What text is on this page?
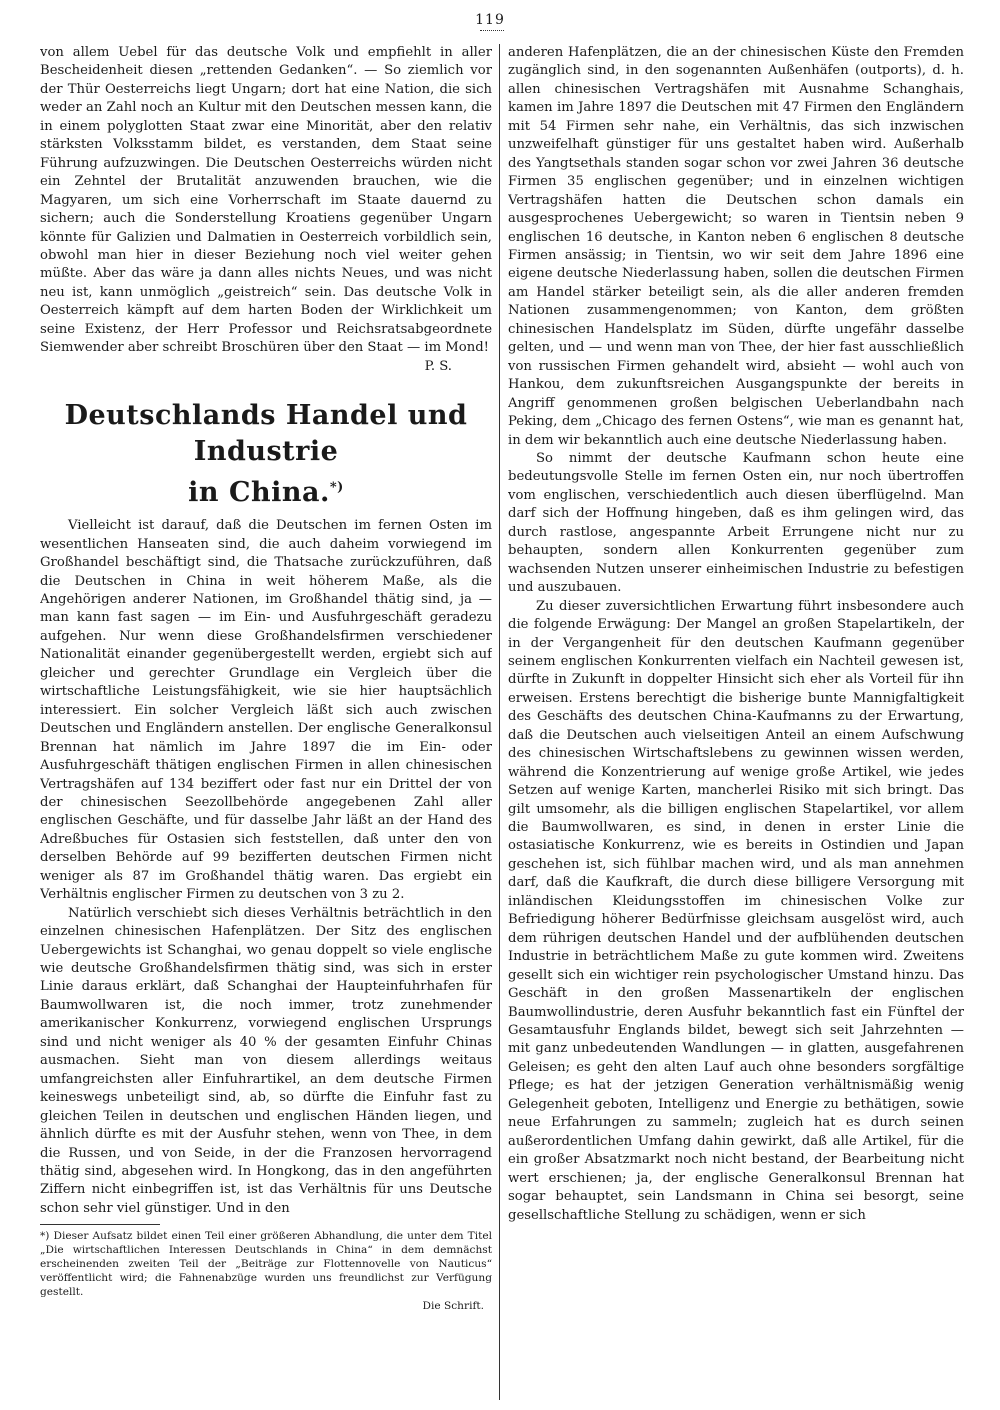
119

von allem Uebel für das deutsche Volk und empfiehlt in aller Bescheidenheit diesen „rettenden Gedanken“. — So ziemlich vor der Thür Oesterreichs liegt Ungarn; dort hat eine Nation, die sich weder an Zahl noch an Kultur mit den Deutschen messen kann, die in einem polyglotten Staat zwar eine Minorität, aber den relativ stärksten Volksstamm bildet, es verstanden, dem Staat seine Führung aufzuzwingen. Die Deutschen Oesterreichs würden nicht ein Zehntel der Brutalität anzuwenden brauchen, wie die Magyaren, um sich eine Vorherrschaft im Staate dauernd zu sichern; auch die Sonderstellung Kroatiens gegenüber Ungarn könnte für Galizien und Dalmatien in Oesterreich vorbildlich sein, obwohl man hier in dieser Beziehung noch viel weiter gehen müßte. Aber das wäre ja dann alles nichts Neues, und was nicht neu ist, kann unmöglich „geistreich“ sein. Das deutsche Volk in Oesterreich kämpft auf dem harten Boden der Wirklichkeit um seine Existenz, der Herr Professor und Reichsratsabgeordnete Siemwender aber schreibt Broschüren über den Staat — im Mond!

P. S.

Deutschlands Handel und Industrie
in China.*)

Vielleicht ist darauf, daß die Deutschen im fernen Osten im wesentlichen Hanseaten sind, die auch daheim vorwiegend im Großhandel beschäftigt sind, die Thatsache zurückzuführen, daß die Deutschen in China in weit höherem Maße, als die Angehörigen anderer Nationen, im Großhandel thätig sind, ja — man kann fast sagen — im Ein- und Ausfuhrgeschäft geradezu aufgehen. Nur wenn diese Großhandelsfirmen verschiedener Nationalität einander gegenübergestellt werden, ergiebt sich auf gleicher und gerechter Grundlage ein Vergleich über die wirtschaftliche Leistungsfähigkeit, wie sie hier hauptsächlich interessiert. Ein solcher Vergleich läßt sich auch zwischen Deutschen und Engländern anstellen. Der englische Generalkonsul Brennan hat nämlich im Jahre 1897 die im Ein- oder Ausfuhrgeschäft thätigen englischen Firmen in allen chinesischen Vertragshäfen auf 134 beziffert oder fast nur ein Drittel der von der chinesischen Seezollbehörde angegebenen Zahl aller englischen Geschäfte, und für dasselbe Jahr läßt an der Hand des Adreßbuches für Ostasien sich feststellen, daß unter den von derselben Behörde auf 99 bezifferten deutschen Firmen nicht weniger als 87 im Großhandel thätig waren. Das ergiebt ein Verhältnis englischer Firmen zu deutschen von 3 zu 2.

Natürlich verschiebt sich dieses Verhältnis beträchtlich in den einzelnen chinesischen Hafenplätzen. Der Sitz des englischen Uebergewichts ist Schanghai, wo genau doppelt so viele englische wie deutsche Großhandelsfirmen thätig sind, was sich in erster Linie daraus erklärt, daß Schanghai der Haupteinfuhrhafen für Baumwollwaren ist, die noch immer, trotz zunehmender amerikanischer Konkurrenz, vorwiegend englischen Ursprungs sind und nicht weniger als 40 % der gesamten Einfuhr Chinas ausmachen. Sieht man von diesem allerdings weitaus umfangreichsten aller Einfuhrartikel, an dem deutsche Firmen keineswegs unbeteiligt sind, ab, so dürfte die Einfuhr fast zu gleichen Teilen in deutschen und englischen Händen liegen, und ähnlich dürfte es mit der Ausfuhr stehen, wenn von Thee, in dem die Russen, und von Seide, in der die Franzosen hervorragend thätig sind, abgesehen wird. In Hongkong, das in den angeführten Ziffern nicht einbegriffen ist, ist das Verhältnis für uns Deutsche schon sehr viel günstiger. Und in den

*) Dieser Aufsatz bildet einen Teil einer größeren Abhandlung, die unter dem Titel „Die wirtschaftlichen Interessen Deutschlands in China“ in dem demnächst erscheinenden zweiten Teil der „Beiträge zur Flottennovelle von Nauticus“ veröffentlicht wird; die Fahnenabzüge wurden uns freundlichst zur Verfügung gestellt.
Die Schrift.

anderen Hafenplätzen, die an der chinesischen Küste den Fremden zugänglich sind, in den sogenannten Außenhäfen (outports), d. h. allen chinesischen Vertragshäfen mit Ausnahme Schanghais, kamen im Jahre 1897 die Deutschen mit 47 Firmen den Engländern mit 54 Firmen sehr nahe, ein Verhältnis, das sich inzwischen unzweifelhaft günstiger für uns gestaltet haben wird. Außerhalb des Yangtsethals standen sogar schon vor zwei Jahren 36 deutsche Firmen 35 englischen gegenüber; und in einzelnen wichtigen Vertragshäfen hatten die Deutschen schon damals ein ausgesprochenes Uebergewicht; so waren in Tientsin neben 9 englischen 16 deutsche, in Kanton neben 6 englischen 8 deutsche Firmen ansässig; in Tientsin, wo wir seit dem Jahre 1896 eine eigene deutsche Niederlassung haben, sollen die deutschen Firmen am Handel stärker beteiligt sein, als die aller anderen fremden Nationen zusammengenommen; von Kanton, dem größten chinesischen Handelsplatz im Süden, dürfte ungefähr dasselbe gelten, und — und wenn man von Thee, der hier fast ausschließlich von russischen Firmen gehandelt wird, absieht — wohl auch von Hankou, dem zukunftsreichen Ausgangspunkte der bereits in Angriff genommenen großen belgischen Ueberlandbahn nach Peking, dem „Chicago des fernen Ostens“, wie man es genannt hat, in dem wir bekanntlich auch eine deutsche Niederlassung haben.

So nimmt der deutsche Kaufmann schon heute eine bedeutungsvolle Stelle im fernen Osten ein, nur noch übertroffen vom englischen, verschiedentlich auch diesen überflügelnd. Man darf sich der Hoffnung hingeben, daß es ihm gelingen wird, das durch rastlose, angespannte Arbeit Errungene nicht nur zu behaupten, sondern allen Konkurrenten gegenüber zum wachsenden Nutzen unserer einheimischen Industrie zu befestigen und auszubauen.

Zu dieser zuversichtlichen Erwartung führt insbesondere auch die folgende Erwägung: Der Mangel an großen Stapelartikeln, der in der Vergangenheit für den deutschen Kaufmann gegenüber seinem englischen Konkurrenten vielfach ein Nachteil gewesen ist, dürfte in Zukunft in doppelter Hinsicht sich eher als Vorteil für ihn erweisen. Erstens berechtigt die bisherige bunte Mannigfaltigkeit des Geschäfts des deutschen China-Kaufmanns zu der Erwartung, daß die Deutschen auch vielseitigen Anteil an einem Aufschwung des chinesischen Wirtschaftslebens zu gewinnen wissen werden, während die Konzentrierung auf wenige große Artikel, wie jedes Setzen auf wenige Karten, mancherlei Risiko mit sich bringt. Das gilt umsomehr, als die billigen englischen Stapelartikel, vor allem die Baumwollwaren, es sind, in denen in erster Linie die ostasiatische Konkurrenz, wie es bereits in Ostindien und Japan geschehen ist, sich fühlbar machen wird, und als man annehmen darf, daß die Kaufkraft, die durch diese billigere Versorgung mit inländischen Kleidungsstoffen im chinesischen Volke zur Befriedigung höherer Bedürfnisse gleichsam ausgelöst wird, auch dem rührigen deutschen Handel und der aufblühenden deutschen Industrie in beträchtlichem Maße zu gute kommen wird. Zweitens gesellt sich ein wichtiger rein psychologischer Umstand hinzu. Das Geschäft in den großen Massenartikeln der englischen Baumwollindustrie, deren Ausfuhr bekanntlich fast ein Fünftel der Gesamtausfuhr Englands bildet, bewegt sich seit Jahrzehnten — mit ganz unbedeutenden Wandlungen — in glatten, ausgefahrenen Geleisen; es geht den alten Lauf auch ohne besonders sorgfältige Pflege; es hat der jetzigen Generation verhältnismäßig wenig Gelegenheit geboten, Intelligenz und Energie zu bethätigen, sowie neue Erfahrungen zu sammeln; zugleich hat es durch seinen außerordentlichen Umfang dahin gewirkt, daß alle Artikel, für die ein großer Absatzmarkt noch nicht bestand, der Bearbeitung nicht wert erschienen; ja, der englische Generalkonsul Brennan hat sogar behauptet, sein Landsmann in China sei besorgt, seine gesellschaftliche Stellung zu schädigen, wenn er sich
